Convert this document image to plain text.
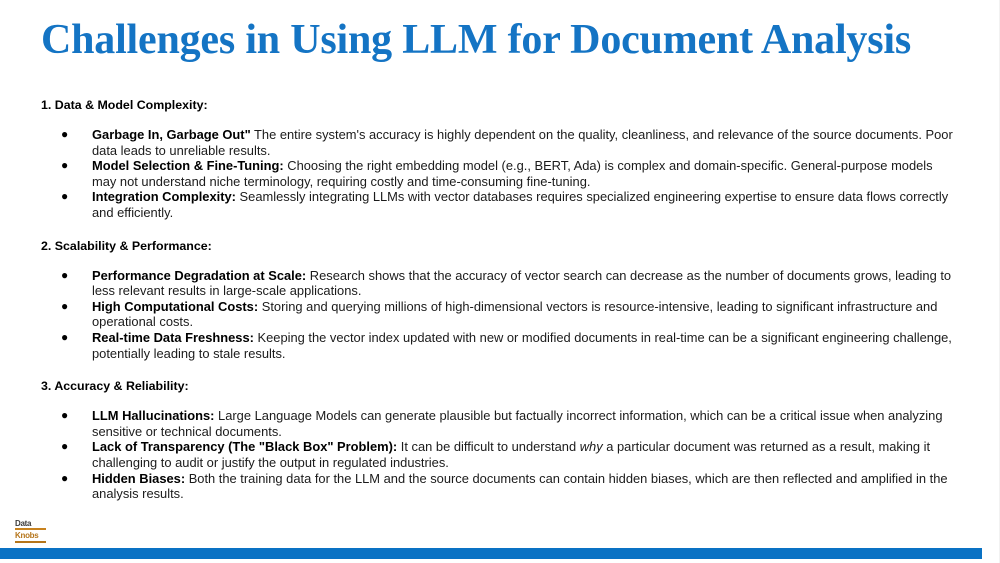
Challenges in Using LLM for Document Analysis
1. Data & Model Complexity:
● Garbage In, Garbage Out" The entire system's accuracy is highly dependent on the quality, cleanliness, and relevance of the source documents. Poor data leads to unreliable results.
● Model Selection & Fine-Tuning: Choosing the right embedding model (e.g., BERT, Ada) is complex and domain-specific. General-purpose models may not understand niche terminology, requiring costly and time-consuming fine-tuning.
● Integration Complexity: Seamlessly integrating LLMs with vector databases requires specialized engineering expertise to ensure data flows correctly and efficiently.
2. Scalability & Performance:
● Performance Degradation at Scale: Research shows that the accuracy of vector search can decrease as the number of documents grows, leading to less relevant results in large-scale applications.
● High Computational Costs: Storing and querying millions of high-dimensional vectors is resource-intensive, leading to significant infrastructure and operational costs.
● Real-time Data Freshness: Keeping the vector index updated with new or modified documents in real-time can be a significant engineering challenge, potentially leading to stale results.
3. Accuracy & Reliability:
● LLM Hallucinations: Large Language Models can generate plausible but factually incorrect information, which can be a critical issue when analyzing sensitive or technical documents.
● Lack of Transparency (The "Black Box" Problem): It can be difficult to understand why a particular document was returned as a result, making it challenging to audit or justify the output in regulated industries.
● Hidden Biases: Both the training data for the LLM and the source documents can contain hidden biases, which are then reflected and amplified in the analysis results.
Data
Knobs
